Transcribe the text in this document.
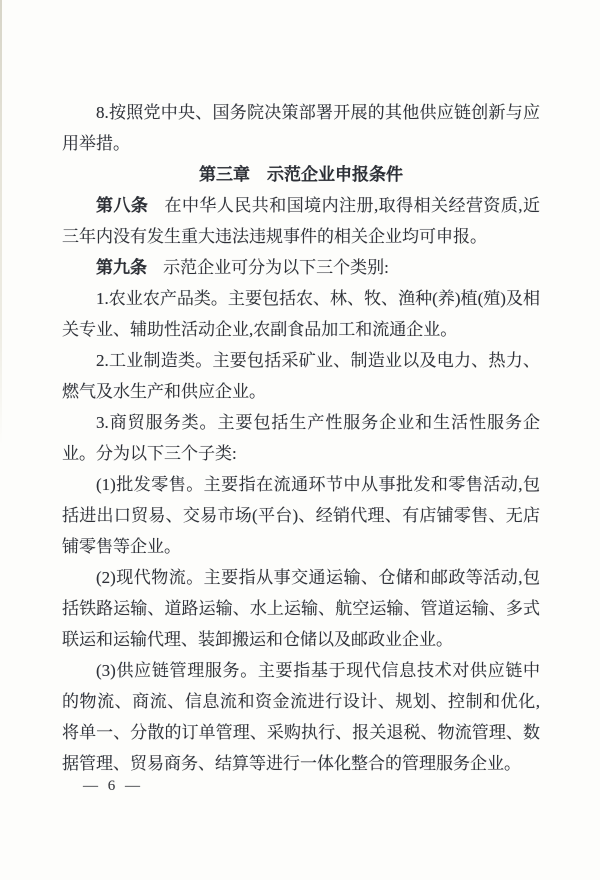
8.按照党中央、国务院决策部署开展的其他供应链创新与应用举措。
第三章　示范企业申报条件
第八条 在中华人民共和国境内注册,取得相关经营资质,近三年内没有发生重大违法违规事件的相关企业均可申报。
第九条 示范企业可分为以下三个类别:
1.农业农产品类。主要包括农、林、牧、渔种(养)植(殖)及相关专业、辅助性活动企业,农副食品加工和流通企业。
2.工业制造类。主要包括采矿业、制造业以及电力、热力、燃气及水生产和供应企业。
3.商贸服务类。主要包括生产性服务企业和生活性服务企业。分为以下三个子类:
(1)批发零售。主要指在流通环节中从事批发和零售活动,包括进出口贸易、交易市场(平台)、经销代理、有店铺零售、无店铺零售等企业。
(2)现代物流。主要指从事交通运输、仓储和邮政等活动,包括铁路运输、道路运输、水上运输、航空运输、管道运输、多式联运和运输代理、装卸搬运和仓储以及邮政业企业。
(3)供应链管理服务。主要指基于现代信息技术对供应链中的物流、商流、信息流和资金流进行设计、规划、控制和优化,将单一、分散的订单管理、采购执行、报关退税、物流管理、数据管理、贸易商务、结算等进行一体化整合的管理服务企业。
— 6 —
